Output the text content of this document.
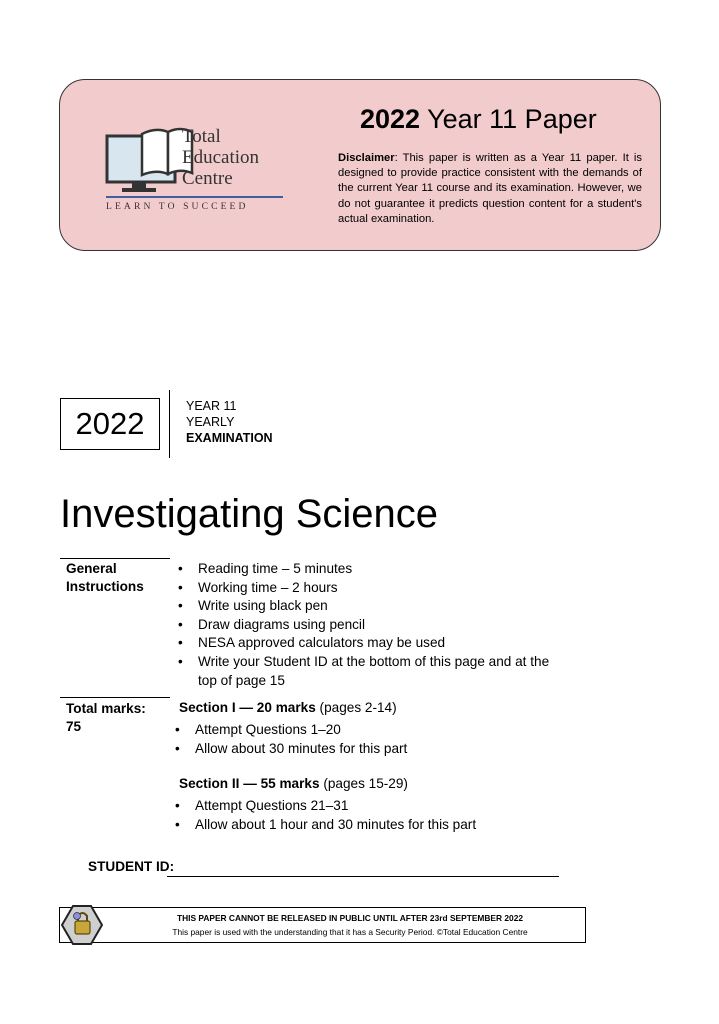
2022 Year 11 Paper
Disclaimer: This paper is written as a Year 11 paper. It is designed to provide practice consistent with the demands of the current Year 11 course and its examination. However, we do not guarantee it predicts question content for a student's actual examination.
Total
Education
Centre
LEARN TO SUCCEED
2022	YEAR 11
YEARLY
EXAMINATION
Investigating Science
General
Instructions
• Reading time – 5 minutes
• Working time – 2 hours
• Write using black pen
• Draw diagrams using pencil
• NESA approved calculators may be used
• Write your Student ID at the bottom of this page and at the top of page 15
Total marks:
75
Section I — 20 marks (pages 2-14)
• Attempt Questions 1–20
• Allow about 30 minutes for this part
Section II — 55 marks (pages 15-29)
• Attempt Questions 21–31
• Allow about 1 hour and 30 minutes for this part
STUDENT ID:
THIS PAPER CANNOT BE RELEASED IN PUBLIC UNTIL AFTER 23rd SEPTEMBER 2022
This paper is used with the understanding that it has a Security Period. ©Total Education Centre
